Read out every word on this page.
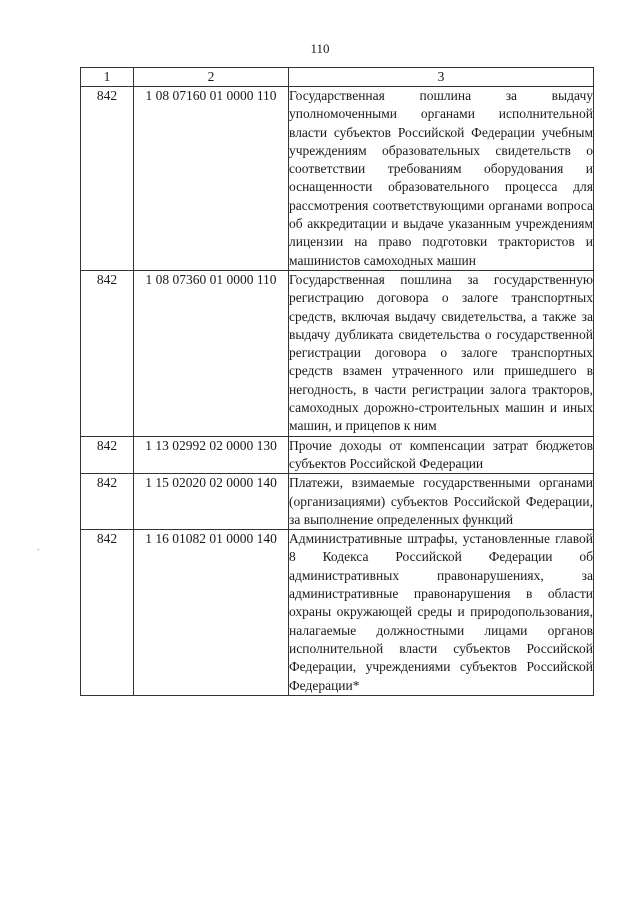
110
-
1	2	3
842	1 08 07160 01 0000 110	Государственная пошлина за выдачу уполномоченными органами исполнительной власти субъектов Российской Федерации учебным учреждениям образовательных свидетельств о соответствии требованиям оборудования и оснащенности образовательного процесса для рассмотрения соответствующими органами вопроса об аккредитации и выдаче указанным учреждениям лицензии на право подготовки трактористов и машинистов самоходных машин
842	1 08 07360 01 0000 110	Государственная пошлина за государственную регистрацию договора о залоге транспортных средств, включая выдачу свидетельства, а также за выдачу дубликата свидетельства о государственной регистрации договора о залоге транспортных средств взамен утраченного или пришедшего в негодность, в части регистрации залога тракторов, самоходных дорожно-строительных машин и иных машин, и прицепов к ним
842	1 13 02992 02 0000 130	Прочие доходы от компенсации затрат бюджетов субъектов Российской Федерации
842	1 15 02020 02 0000 140	Платежи, взимаемые государственными органами (организациями) субъектов Российской Федерации, за выполнение определенных функций
842	1 16 01082 01 0000 140	Административные штрафы, установленные главой 8 Кодекса Российской Федерации об административных правонарушениях, за административные правонарушения в области охраны окружающей среды и природопользования, налагаемые должностными лицами органов исполнительной власти субъектов Российской Федерации, учреждениями субъектов Российской Федерации*
